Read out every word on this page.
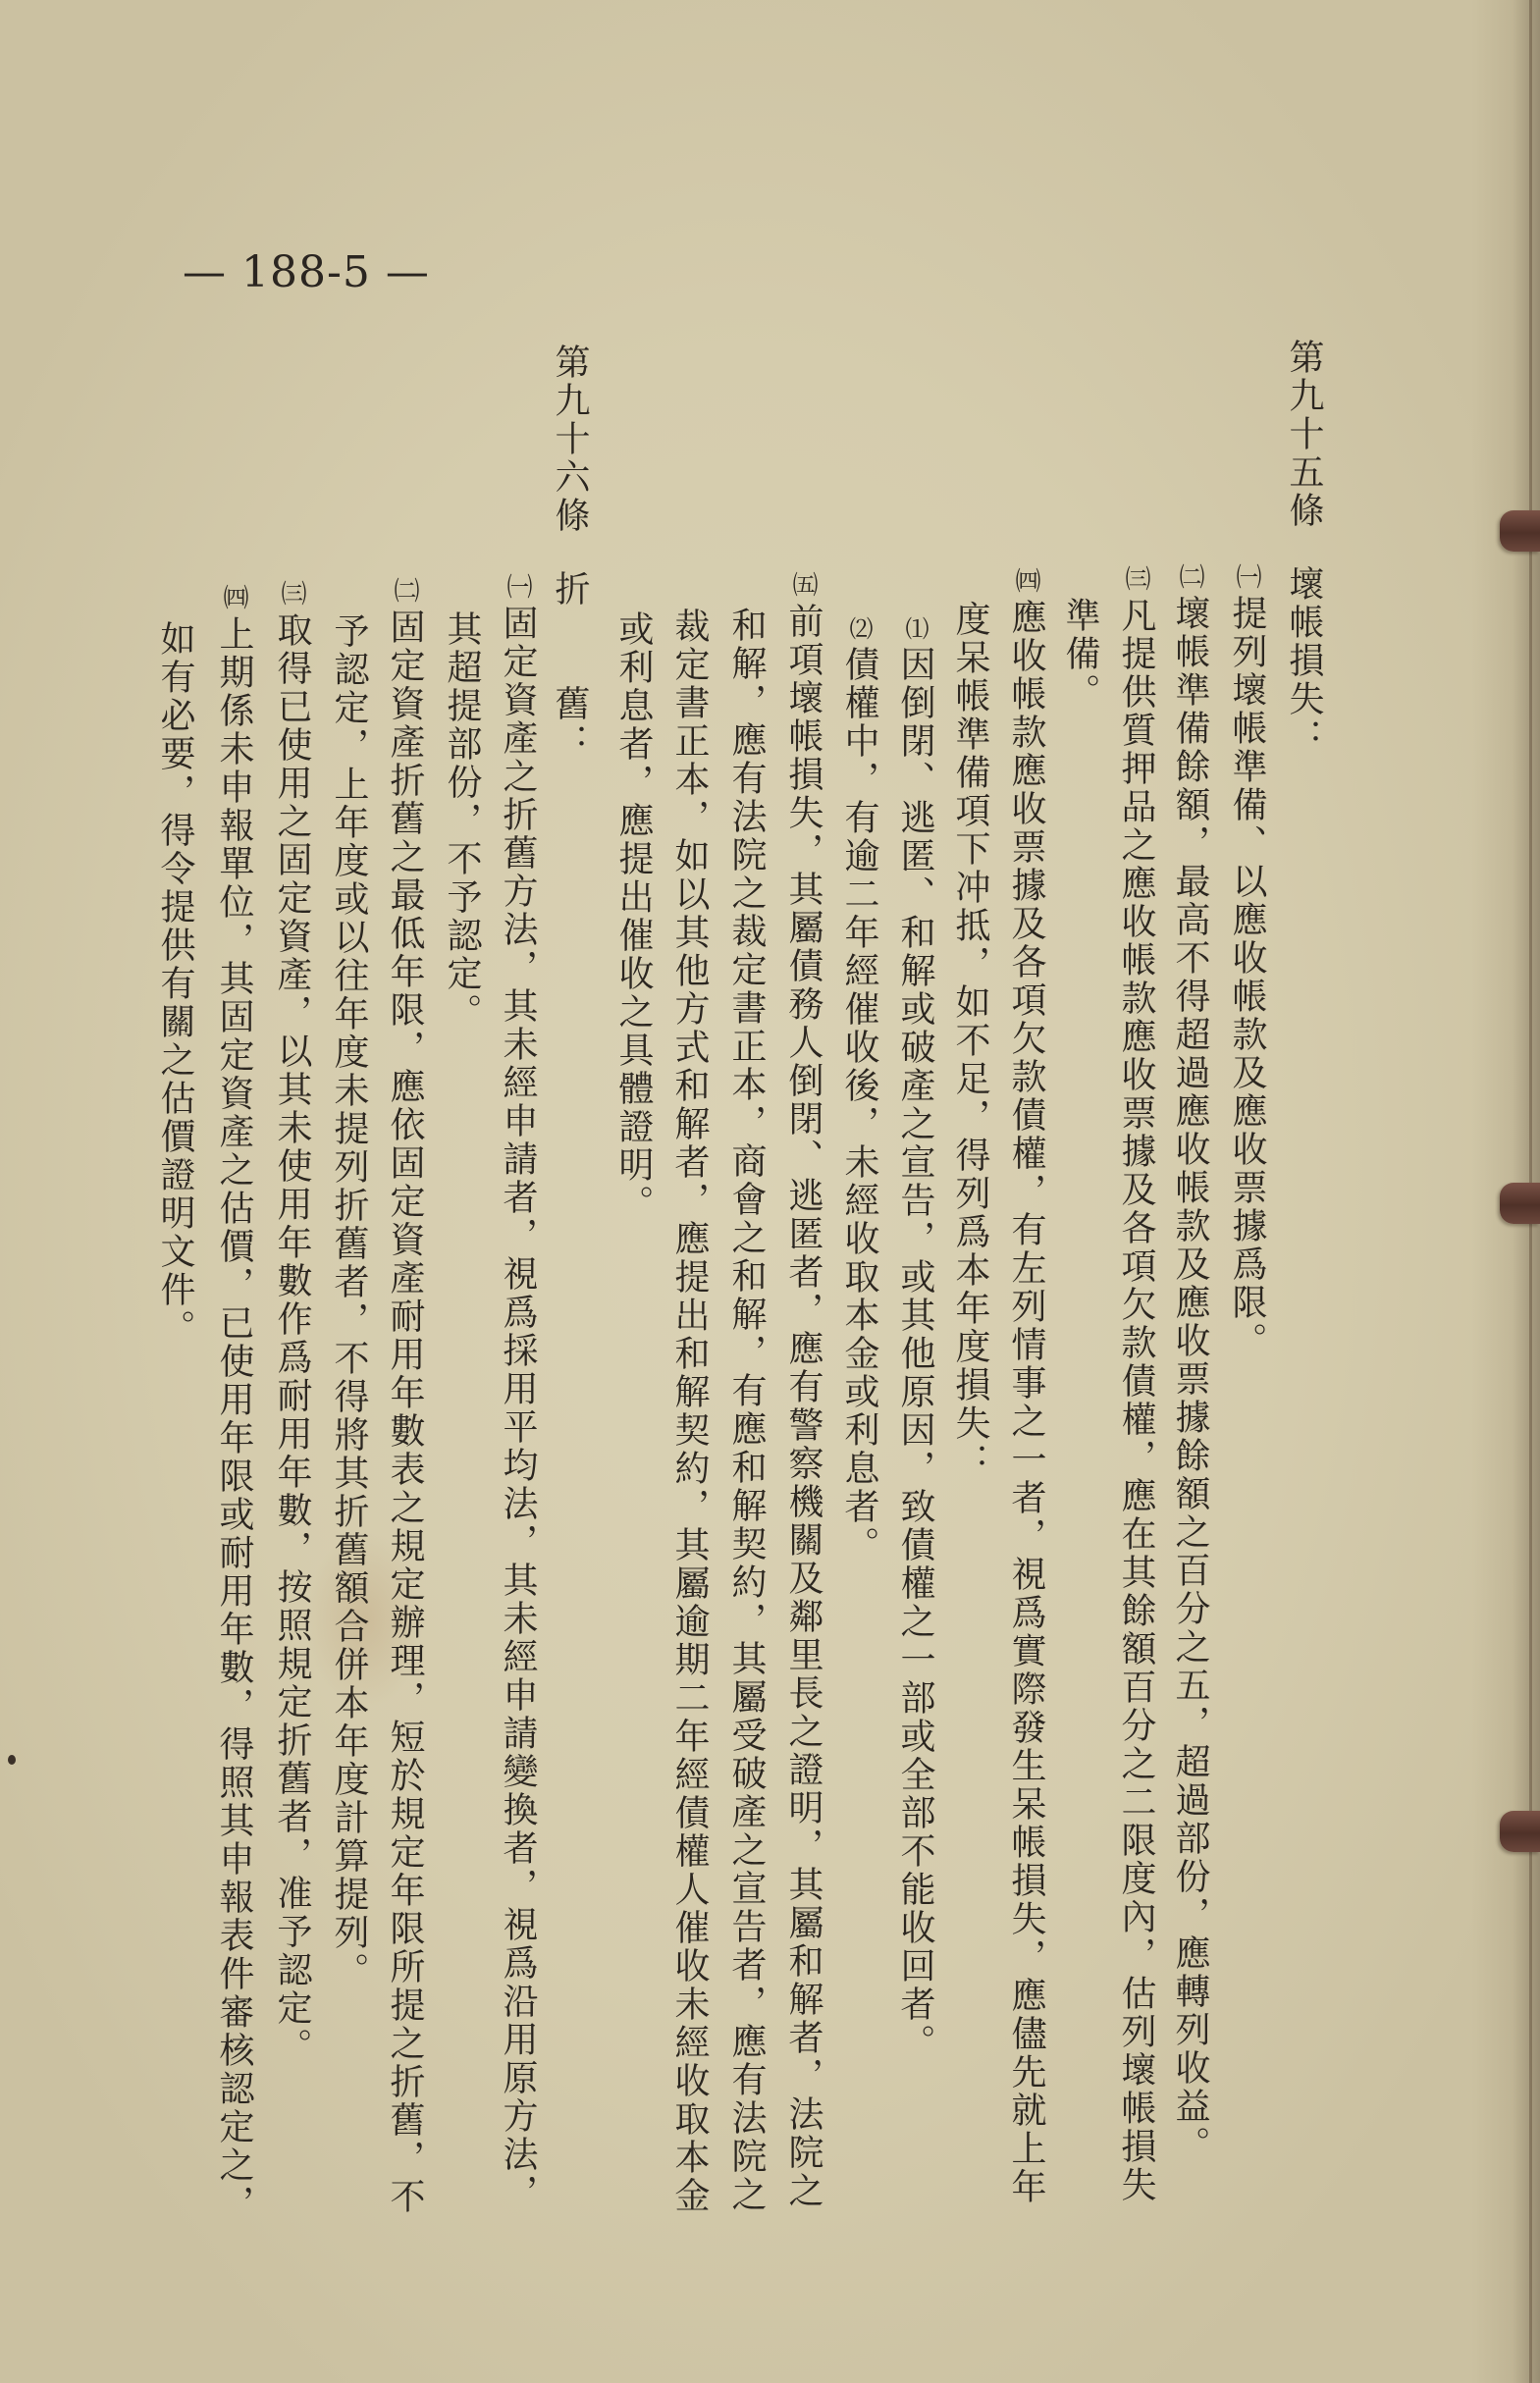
— 188-5 —
第九十五條壞帳損失：
㈠提列壞帳準備、以應收帳款及應收票據爲限。
㈡壞帳準備餘額，最高不得超過應收帳款及應收票據餘額之百分之五，超過部份，應轉列收益。
㈢凡提供質押品之應收帳款應收票據及各項欠款債權，應在其餘額百分之二限度內，估列壞帳損失
準備。
㈣應收帳款應收票據及各項欠款債權，有左列情事之一者，視爲實際發生呆帳損失，應儘先就上年
度呆帳準備項下冲抵，如不足，得列爲本年度損失：
⑴因倒閉、逃匿、和解或破產之宣告，或其他原因，致債權之一部或全部不能收回者。
⑵債權中，有逾二年經催收後，未經收取本金或利息者。
㈤前項壞帳損失，其屬債務人倒閉、逃匿者，應有警察機關及鄰里長之證明，其屬和解者，法院之
和解，應有法院之裁定書正本，商會之和解，有應和解契約，其屬受破產之宣告者，應有法院之
裁定書正本，如以其他方式和解者，應提出和解契約，其屬逾期二年經債權人催收未經收取本金
或利息者，應提出催收之具體證明。
第九十六條折　　舊：
㈠固定資產之折舊方法，其未經申請者，視爲採用平均法，其未經申請變換者，視爲沿用原方法，
其超提部份，不予認定。
㈡固定資產折舊之最低年限，應依固定資產耐用年數表之規定辦理，短於規定年限所提之折舊，不
予認定，上年度或以往年度未提列折舊者，不得將其折舊額合併本年度計算提列。
㈢取得已使用之固定資產，以其未使用年數作爲耐用年數，按照規定折舊者，准予認定。
㈣上期係未申報單位，其固定資產之估價，已使用年限或耐用年數，得照其申報表件審核認定之，
如有必要，得令提供有關之估價證明文件。
